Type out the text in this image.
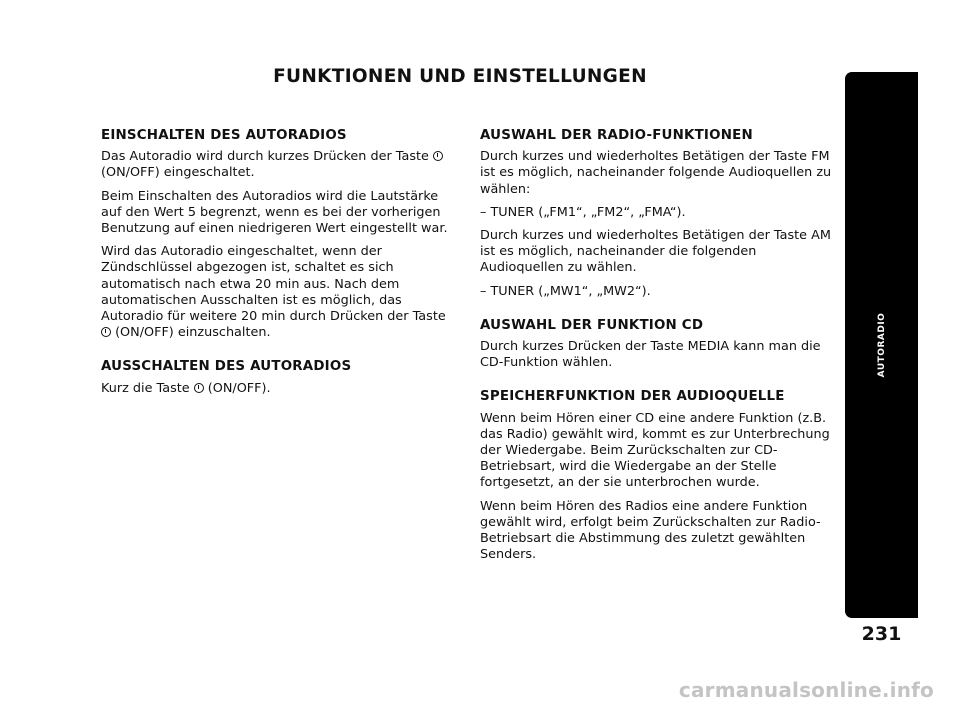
FUNKTIONEN UND EINSTELLUNGEN
EINSCHALTEN DES AUTORADIOS

Das Autoradio wird durch kurzes Drücken der Taste  (ON/OFF) eingeschaltet.

Beim Einschalten des Autoradios wird die Lautstärke auf den Wert 5 begrenzt, wenn es bei der vorherigen Benutzung auf einen niedrigeren Wert eingestellt war.

Wird das Autoradio eingeschaltet, wenn der Zündschlüssel abgezogen ist, schaltet es sich automatisch nach etwa 20 min aus. Nach dem automatischen Ausschalten ist es möglich, das Autoradio für weitere 20 min durch Drücken der Taste  (ON/OFF) einzuschalten.

AUSSCHALTEN DES AUTORADIOS

Kurz die Taste  (ON/OFF).

AUSWAHL DER RADIO-FUNKTIONEN

Durch kurzes und wiederholtes Betätigen der Taste FM ist es möglich, nacheinander folgende Audioquellen zu wählen:

– TUNER („FM1“, „FM2“, „FMA“).

Durch kurzes und wiederholtes Betätigen der Taste AM ist es möglich, nacheinander die folgenden Audioquellen zu wählen.

– TUNER („MW1“, „MW2“).

AUSWAHL DER FUNKTION CD

Durch kurzes Drücken der Taste MEDIA kann man die CD-Funktion wählen.

SPEICHERFUNKTION DER AUDIOQUELLE

Wenn beim Hören einer CD eine andere Funktion (z.B. das Radio) gewählt wird, kommt es zur Unterbrechung der Wiedergabe. Beim Zurückschalten zur CD-Betriebsart, wird die Wiedergabe an der Stelle fortgesetzt, an der sie unterbrochen wurde.

Wenn beim Hören des Radios eine andere Funktion gewählt wird, erfolgt beim Zurückschalten zur Radio-Betriebsart die Abstimmung des zuletzt gewählten Senders.

AUTORADIO
231
carmanualsonline.info
